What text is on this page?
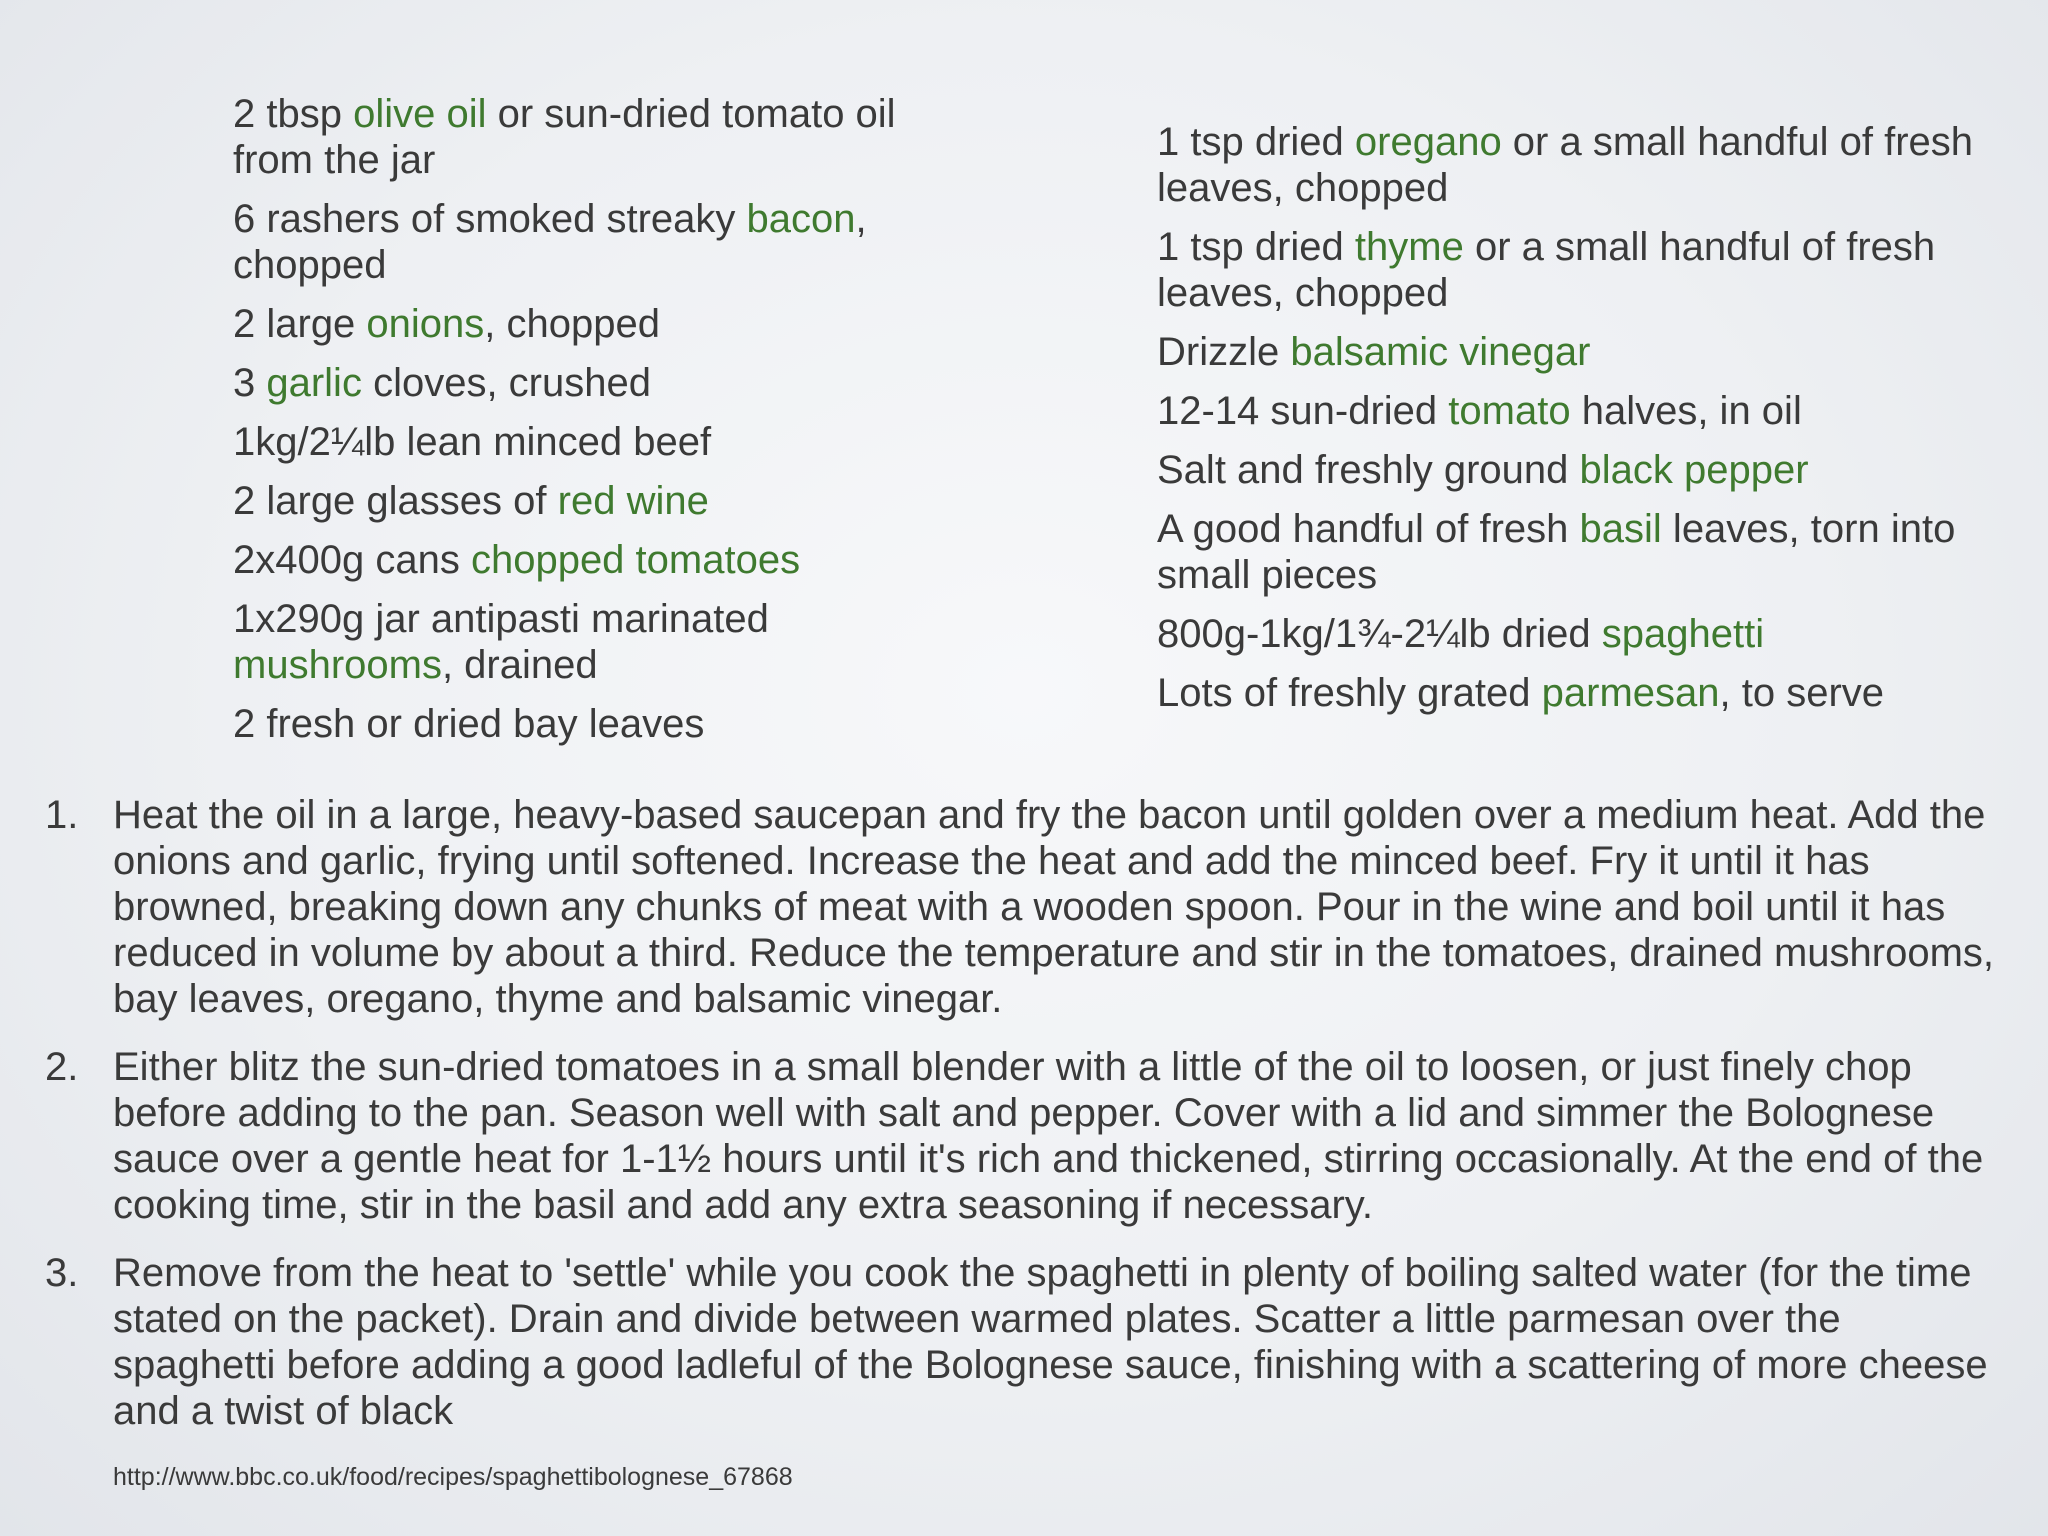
2 tbsp olive oil or sun-dried tomato oil from the jar
6 rashers of smoked streaky bacon, chopped
2 large onions, chopped
3 garlic cloves, crushed
1kg/2¼lb lean minced beef
2 large glasses of red wine
2x400g cans chopped tomatoes
1x290g jar antipasti marinated mushrooms, drained
2 fresh or dried bay leaves
1 tsp dried oregano or a small handful of fresh leaves, chopped
1 tsp dried thyme or a small handful of fresh leaves, chopped
Drizzle balsamic vinegar
12-14 sun-dried tomato halves, in oil
Salt and freshly ground black pepper
A good handful of fresh basil leaves, torn into small pieces
800g-1kg/1¾-2¼lb dried spaghetti
Lots of freshly grated parmesan, to serve
1. Heat the oil in a large, heavy-based saucepan and fry the bacon until golden over a medium heat. Add the onions and garlic, frying until softened. Increase the heat and add the minced beef. Fry it until it has browned, breaking down any chunks of meat with a wooden spoon. Pour in the wine and boil until it has reduced in volume by about a third. Reduce the temperature and stir in the tomatoes, drained mushrooms, bay leaves, oregano, thyme and balsamic vinegar.
2. Either blitz the sun-dried tomatoes in a small blender with a little of the oil to loosen, or just finely chop before adding to the pan. Season well with salt and pepper. Cover with a lid and simmer the Bolognese sauce over a gentle heat for 1-1½ hours until it's rich and thickened, stirring occasionally. At the end of the cooking time, stir in the basil and add any extra seasoning if necessary.
3. Remove from the heat to 'settle' while you cook the spaghetti in plenty of boiling salted water (for the time stated on the packet). Drain and divide between warmed plates. Scatter a little parmesan over the spaghetti before adding a good ladleful of the Bolognese sauce, finishing with a scattering of more cheese and a twist of black
http://www.bbc.co.uk/food/recipes/spaghettibolognese_67868
